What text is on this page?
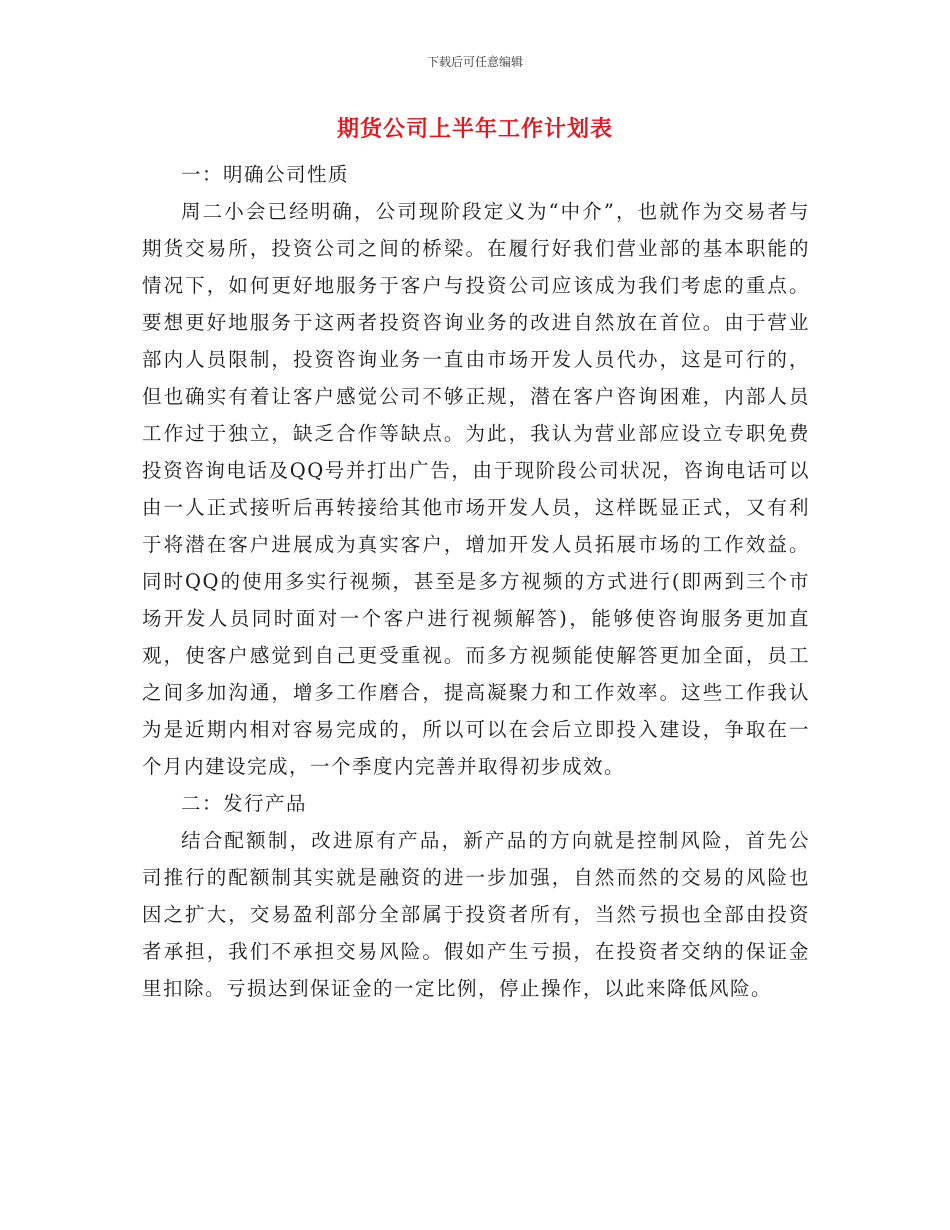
下载后可任意编辑
期货公司上半年工作计划表

一：明确公司性质

周二小会已经明确，公司现阶段定义为“中介”，也就作为交易者与期货交易所，投资公司之间的桥梁。在履行好我们营业部的基本职能的情况下，如何更好地服务于客户与投资公司应该成为我们考虑的重点。要想更好地服务于这两者投资咨询业务的改进自然放在首位。由于营业部内人员限制，投资咨询业务一直由市场开发人员代办，这是可行的，但也确实有着让客户感觉公司不够正规，潜在客户咨询困难，内部人员工作过于独立，缺乏合作等缺点。为此，我认为营业部应设立专职免费投资咨询电话及QQ号并打出广告，由于现阶段公司状况，咨询电话可以由一人正式接听后再转接给其他市场开发人员，这样既显正式，又有利于将潜在客户进展成为真实客户，增加开发人员拓展市场的工作效益。同时QQ的使用多实行视频，甚至是多方视频的方式进行(即两到三个市场开发人员同时面对一个客户进行视频解答)，能够使咨询服务更加直观，使客户感觉到自己更受重视。而多方视频能使解答更加全面，员工之间多加沟通，增多工作磨合，提高凝聚力和工作效率。这些工作我认为是近期内相对容易完成的，所以可以在会后立即投入建设，争取在一个月内建设完成，一个季度内完善并取得初步成效。

二：发行产品

结合配额制，改进原有产品，新产品的方向就是控制风险，首先公司推行的配额制其实就是融资的进一步加强，自然而然的交易的风险也因之扩大，交易盈利部分全部属于投资者所有，当然亏损也全部由投资者承担，我们不承担交易风险。假如产生亏损，在投资者交纳的保证金里扣除。亏损达到保证金的一定比例，停止操作，以此来降低风险。
